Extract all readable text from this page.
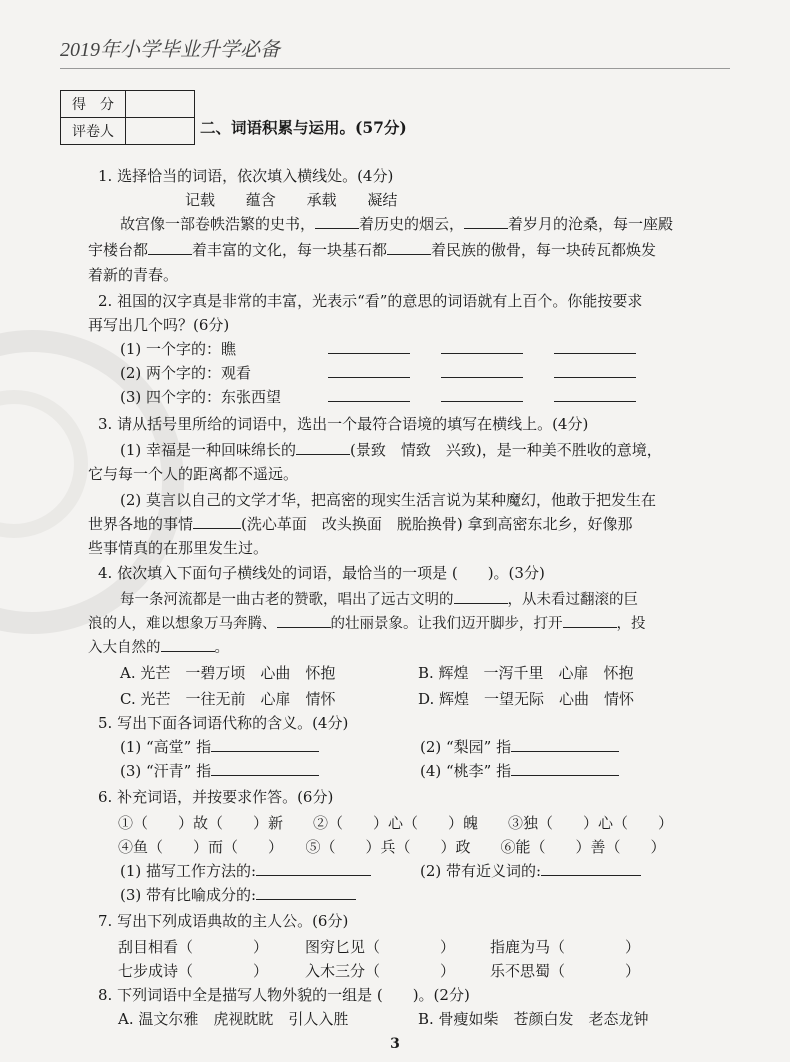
2019年小学毕业升学必备
得　分	
评卷人		二、词语积累与运用。(57分)
1. 选择恰当的词语，依次填入横线处。(4分)
记载 蕴含 承载 凝结
故宫像一部卷帙浩繁的史书，	着历史的烟云，	着岁月的沧桑，每一座殿
宇楼台都	着丰富的文化，每一块基石都	着民族的傲骨，每一块砖瓦都焕发
着新的青春。
2. 祖国的汉字真是非常的丰富，光表示“看”的意思的词语就有上百个。你能按要求
再写出几个吗？(6分)
(1) 一个字的：瞧
(2) 两个字的：观看
(3) 四个字的：东张西望

3. 请从括号里所给的词语中，选出一个最符合语境的填写在横线上。(4分)
(1) 幸福是一种回味绵长的	(景致　情致　兴致)，是一种美不胜收的意境，
它与每一个人的距离都不遥远。
(2) 莫言以自己的文学才华，把高密的现实生活言说为某种魔幻，他敢于把发生在
世界各地的事情	(洗心革面　改头换面　脱胎换骨) 拿到高密东北乡，好像那
些事情真的在那里发生过。
4. 依次填入下面句子横线处的词语，最恰当的一项是 (　　)。(3分)
每一条河流都是一曲古老的赞歌，唱出了远古文明的	，从未看过翻滚的巨
浪的人，难以想象万马奔腾、	的壮丽景象。让我们迈开脚步，打开	，投
入大自然的	。
A. 光芒　一碧万顷　心曲　怀抱	B. 辉煌　一泻千里　心扉　怀抱
C. 光芒　一往无前　心扉　情怀	D. 辉煌　一望无际　心曲　情怀
5. 写出下面各词语代称的含义。(4分)
(1) “高堂” 指	(2) “梨园” 指
(3) “汗青” 指	(4) “桃李” 指
6. 补充词语，并按要求作答。(6分)
①（　　）故（　　）新　　②（　　）心（　　）魄　　③独（　　）心（　　）
④鱼（　　）而（　　）　　⑤（　　）兵（　　）政　　⑥能（　　）善（　　）
(1) 描写工作方法的:	(2) 带有近义词的:
(3) 带有比喻成分的:
7. 写出下列成语典故的主人公。(6分)
刮目相看（　　　　） 图穷匕见（　　　　） 指鹿为马（　　　　）
七步成诗（　　　　） 入木三分（　　　　） 乐不思蜀（　　　　）
8. 下列词语中全是描写人物外貌的一组是 (　　)。(2分)
A. 温文尔雅　虎视眈眈　引人入胜	B. 骨瘦如柴　苍颜白发　老态龙钟
3
